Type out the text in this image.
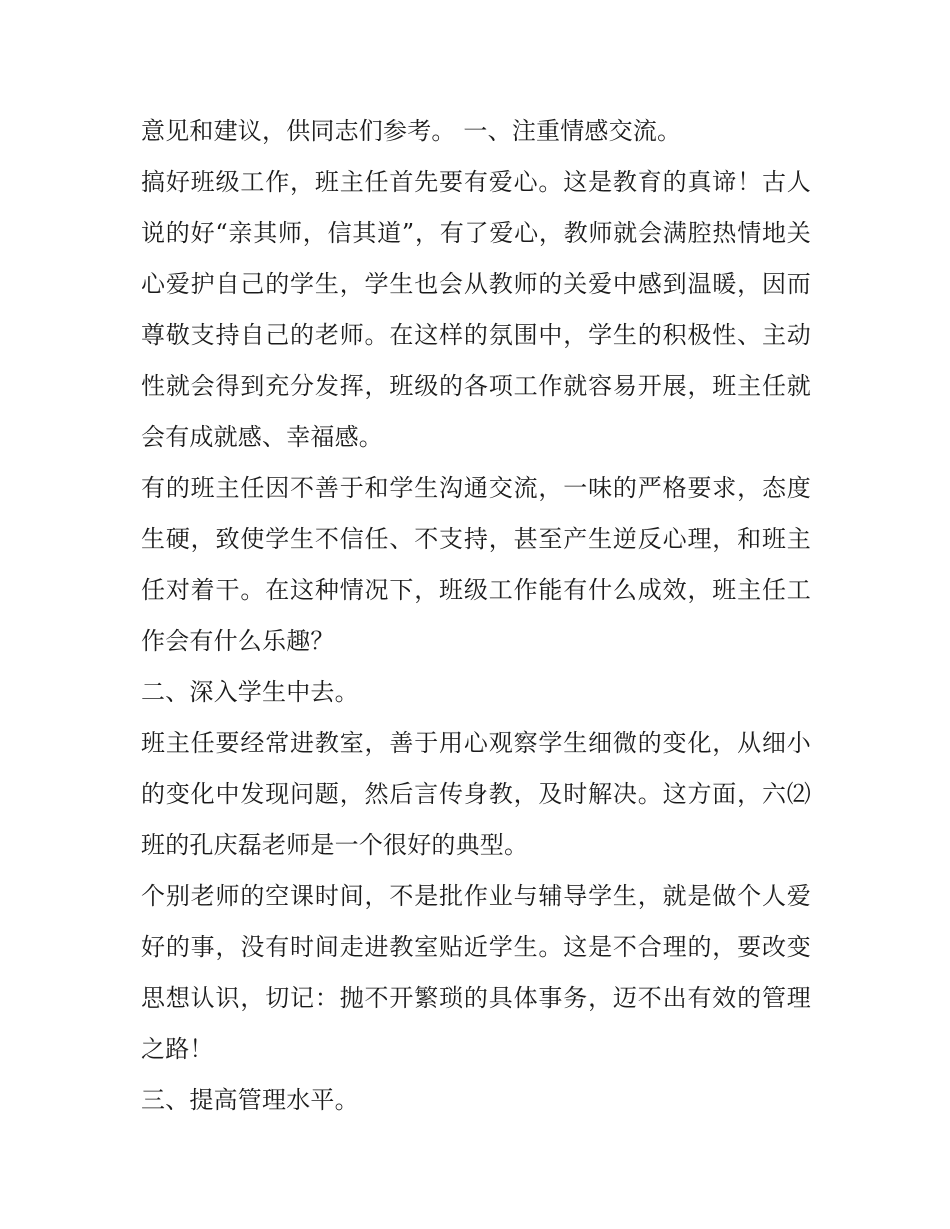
意见和建议，供同志们参考。 一、注重情感交流。

搞好班级工作，班主任首先要有爱心。这是教育的真谛！古人说的好“亲其师，信其道”，有了爱心，教师就会满腔热情地关心爱护自己的学生，学生也会从教师的关爱中感到温暖，因而尊敬支持自己的老师。在这样的氛围中，学生的积极性、主动性就会得到充分发挥，班级的各项工作就容易开展，班主任就会有成就感、幸福感。

有的班主任因不善于和学生沟通交流，一味的严格要求，态度生硬，致使学生不信任、不支持，甚至产生逆反心理，和班主任对着干。在这种情况下，班级工作能有什么成效，班主任工作会有什么乐趣？

二、深入学生中去。

班主任要经常进教室，善于用心观察学生细微的变化，从细小的变化中发现问题，然后言传身教，及时解决。这方面，六⑵班的孔庆磊老师是一个很好的典型。

个别老师的空课时间，不是批作业与辅导学生，就是做个人爱好的事，没有时间走进教室贴近学生。这是不合理的，要改变思想认识，切记：抛不开繁琐的具体事务，迈不出有效的管理之路！

三、提高管理水平。
